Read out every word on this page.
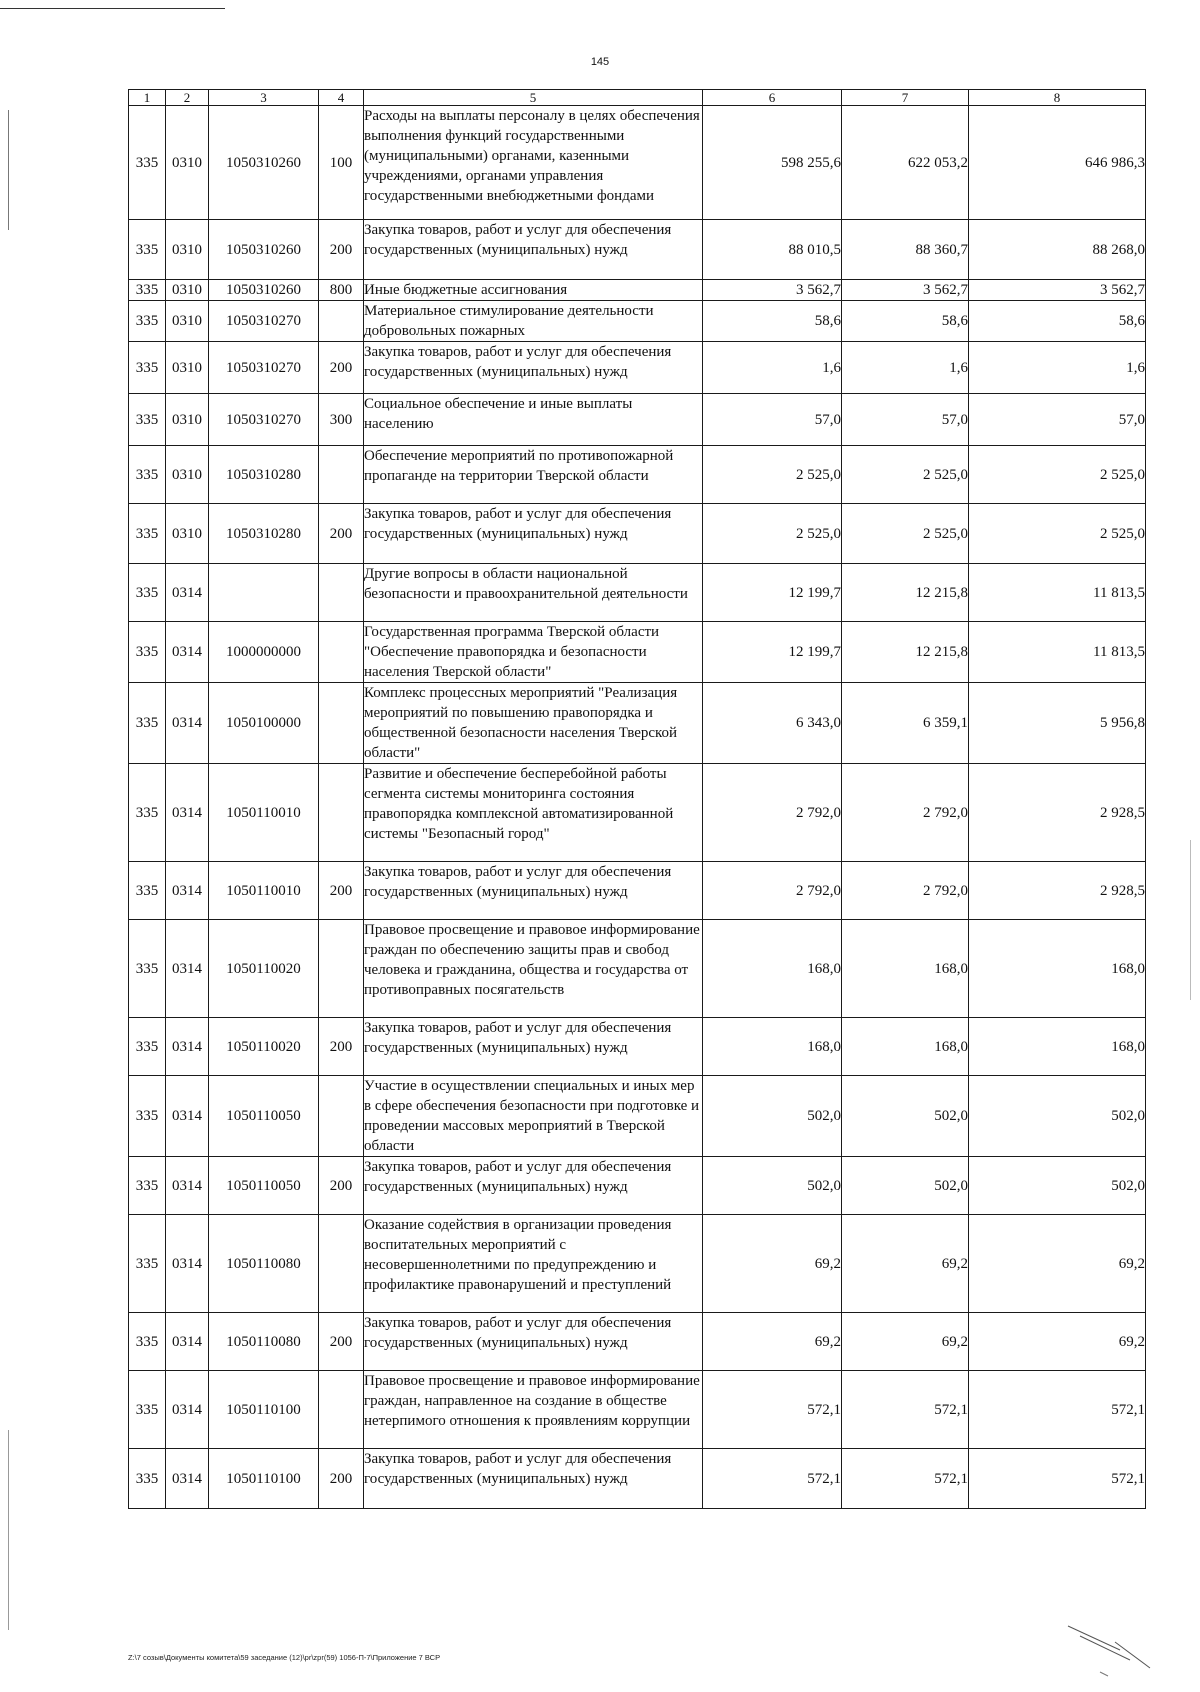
145
1	2	3	4	5	6	7	8
335	0310	1050310260	100	Расходы на выплаты персоналу в целях обеспечения выполнения функций государственными (муниципальными) органами, казенными учреждениями, органами управления государственными внебюджетными фондами	598 255,6	622 053,2	646 986,3
335	0310	1050310260	200	Закупка товаров, работ и услуг для обеспечения государственных (муниципальных) нужд	88 010,5	88 360,7	88 268,0
335	0310	1050310260	800	Иные бюджетные ассигнования	3 562,7	3 562,7	3 562,7
335	0310	1050310270		Материальное стимулирование деятельности добровольных пожарных	58,6	58,6	58,6
335	0310	1050310270	200	Закупка товаров, работ и услуг для обеспечения государственных (муниципальных) нужд	1,6	1,6	1,6
335	0310	1050310270	300	Социальное обеспечение и иные выплаты населению	57,0	57,0	57,0
335	0310	1050310280		Обеспечение мероприятий по противопожарной пропаганде на территории Тверской области	2 525,0	2 525,0	2 525,0
335	0310	1050310280	200	Закупка товаров, работ и услуг для обеспечения государственных (муниципальных) нужд	2 525,0	2 525,0	2 525,0
335	0314			Другие вопросы в области национальной безопасности и правоохранительной деятельности	12 199,7	12 215,8	11 813,5
335	0314	1000000000		Государственная программа Тверской области "Обеспечение правопорядка и безопасности населения Тверской области"	12 199,7	12 215,8	11 813,5
335	0314	1050100000		Комплекс процессных мероприятий "Реализация мероприятий по повышению правопорядка и общественной безопасности населения Тверской области"	6 343,0	6 359,1	5 956,8
335	0314	1050110010		Развитие и обеспечение бесперебойной работы сегмента системы мониторинга состояния правопорядка комплексной автоматизированной системы "Безопасный город"	2 792,0	2 792,0	2 928,5
335	0314	1050110010	200	Закупка товаров, работ и услуг для обеспечения государственных (муниципальных) нужд	2 792,0	2 792,0	2 928,5
335	0314	1050110020		Правовое просвещение и правовое информирование граждан по обеспечению защиты прав и свобод человека и гражданина, общества и государства от противоправных посягательств	168,0	168,0	168,0
335	0314	1050110020	200	Закупка товаров, работ и услуг для обеспечения государственных (муниципальных) нужд	168,0	168,0	168,0
335	0314	1050110050		Участие в осуществлении специальных и иных мер в сфере обеспечения безопасности при подготовке и проведении массовых мероприятий в Тверской области	502,0	502,0	502,0
335	0314	1050110050	200	Закупка товаров, работ и услуг для обеспечения государственных (муниципальных) нужд	502,0	502,0	502,0
335	0314	1050110080		Оказание содействия в организации проведения воспитательных мероприятий с несовершеннолетними по предупреждению и профилактике правонарушений и преступлений	69,2	69,2	69,2
335	0314	1050110080	200	Закупка товаров, работ и услуг для обеспечения государственных (муниципальных) нужд	69,2	69,2	69,2
335	0314	1050110100		Правовое просвещение и правовое информирование граждан, направленное на создание в обществе нетерпимого отношения к проявлениям коррупции	572,1	572,1	572,1
335	0314	1050110100	200	Закупка товаров, работ и услуг для обеспечения государственных (муниципальных) нужд	572,1	572,1	572,1
Z:\7 созыв\Документы комитета\59 заседание (12)\pr\zpr(59) 1056-П-7\Приложение 7 ВСР
